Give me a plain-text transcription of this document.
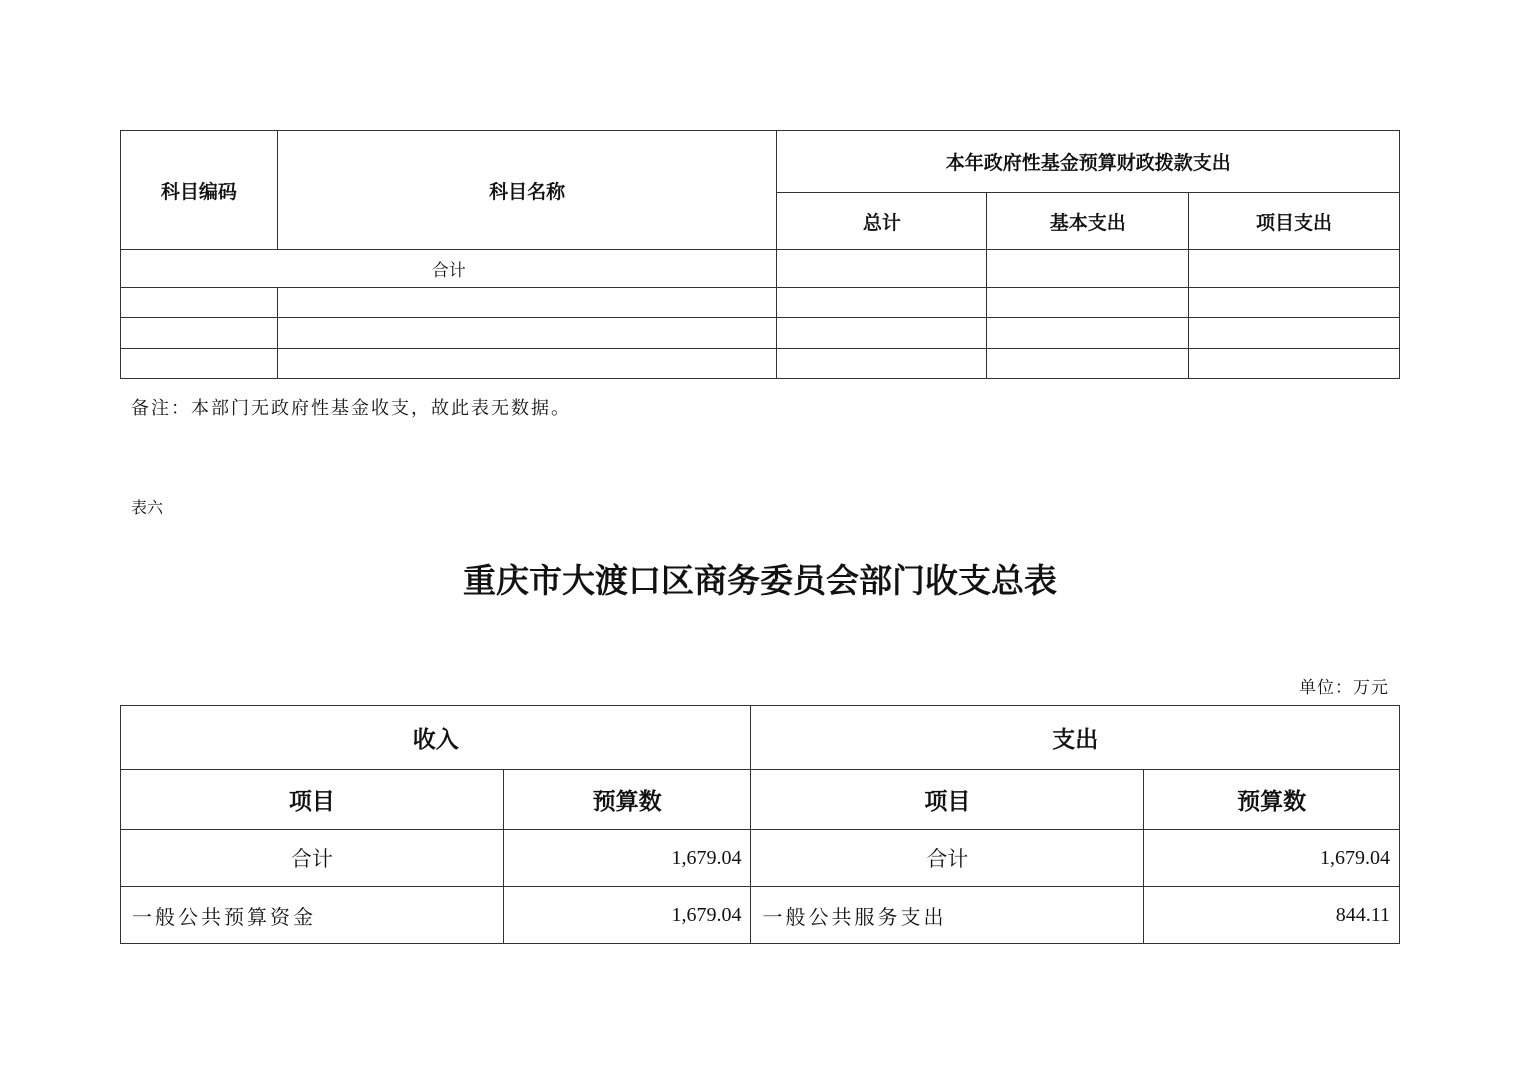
科目编码	科目名称	本年政府性基金预算财政拨款支出		
		总计	基本支出	项目支出
合计				

备注：本部门无政府性基金收支，故此表无数据。
表六
重庆市大渡口区商务委员会部门收支总表
单位：万元
收入		支出	
项目	预算数	项目	预算数
合计	1,679.04	合计	1,679.04
一般公共预算资金	1,679.04	一般公共服务支出	844.11
